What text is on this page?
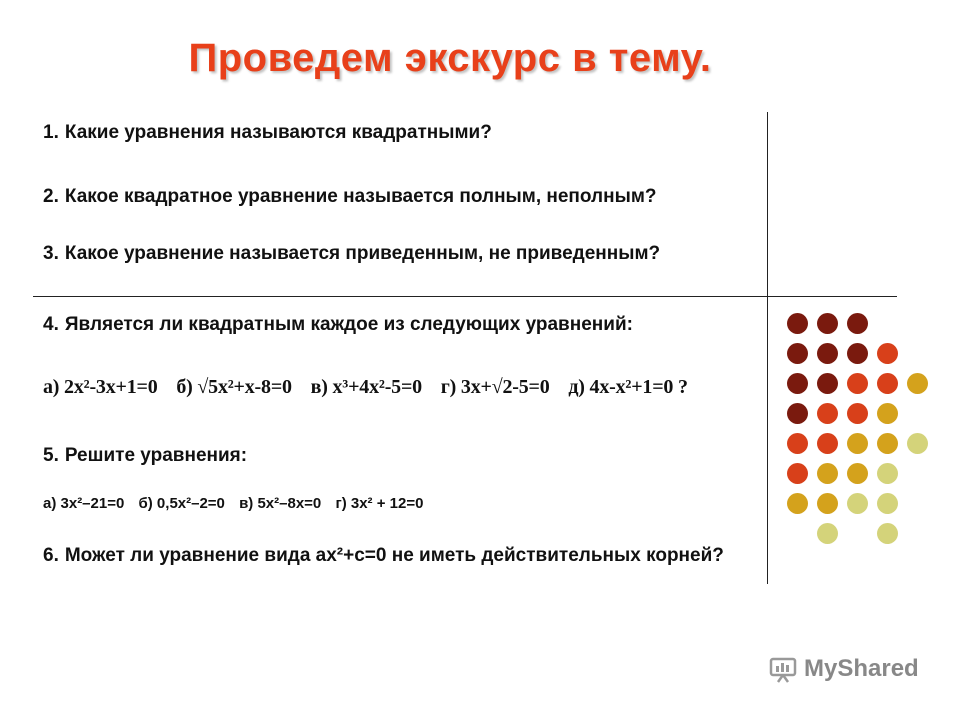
Проведем экскурс в тему.
1. Какие уравнения называются квадратными?
2. Какое квадратное уравнение называется полным, неполным?
3. Какое уравнение называется приведенным, не приведенным?
4. Является ли квадратным каждое из следующих уравнений:
а) 2x²-3x+1=0 б) √5x²+x-8=0 в) x³+4x²-5=0 г) 3x+√2-5=0 д) 4x-x²+1=0 ?
5. Решите уравнения:
а) 3x²–21=0 б) 0,5x²–2=0 в) 5x²–8x=0 г) 3x² + 12=0
6. Может ли уравнение вида ax²+c=0 не иметь действительных корней?
MyShared
